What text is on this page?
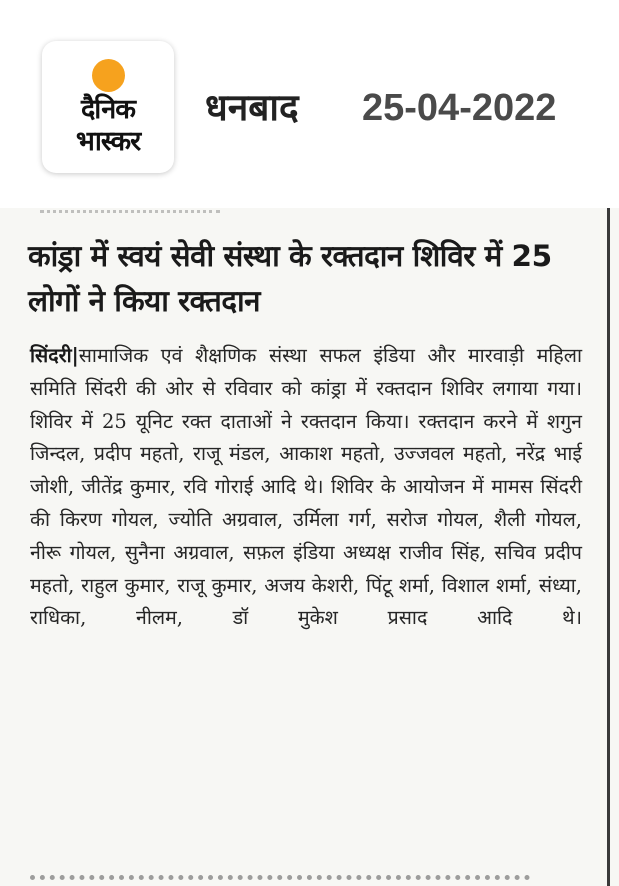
दैनिक
भास्कर
धनबाद 25-04-2022
कांड्रा में स्वयं सेवी संस्था के रक्तदान शिविर में 25 लोगों ने किया रक्तदान

सिंदरी|सामाजिक एवं शैक्षणिक संस्था सफल इंडिया और मारवाड़ी महिला समिति सिंदरी की ओर से रविवार को कांड्रा में रक्तदान शिविर लगाया गया। शिविर में 25 यूनिट रक्त दाताओं ने रक्तदान किया। रक्तदान करने में शगुन जिन्दल, प्रदीप महतो, राजू मंडल, आकाश महतो, उज्जवल महतो, नरेंद्र भाई जोशी, जीतेंद्र कुमार, रवि गोराई आदि थे। शिविर के आयोजन में मामस सिंदरी की किरण गोयल, ज्योति अग्रवाल, उर्मिला गर्ग, सरोज गोयल, शैली गोयल, नीरू गोयल, सुनैना अग्रवाल, सफ़ल इंडिया अध्यक्ष राजीव सिंह, सचिव प्रदीप महतो, राहुल कुमार, राजू कुमार, अजय केशरी, पिंटू शर्मा, विशाल शर्मा, संध्या, राधिका, नीलम, डॉ मुकेश प्रसाद आदि थे।
